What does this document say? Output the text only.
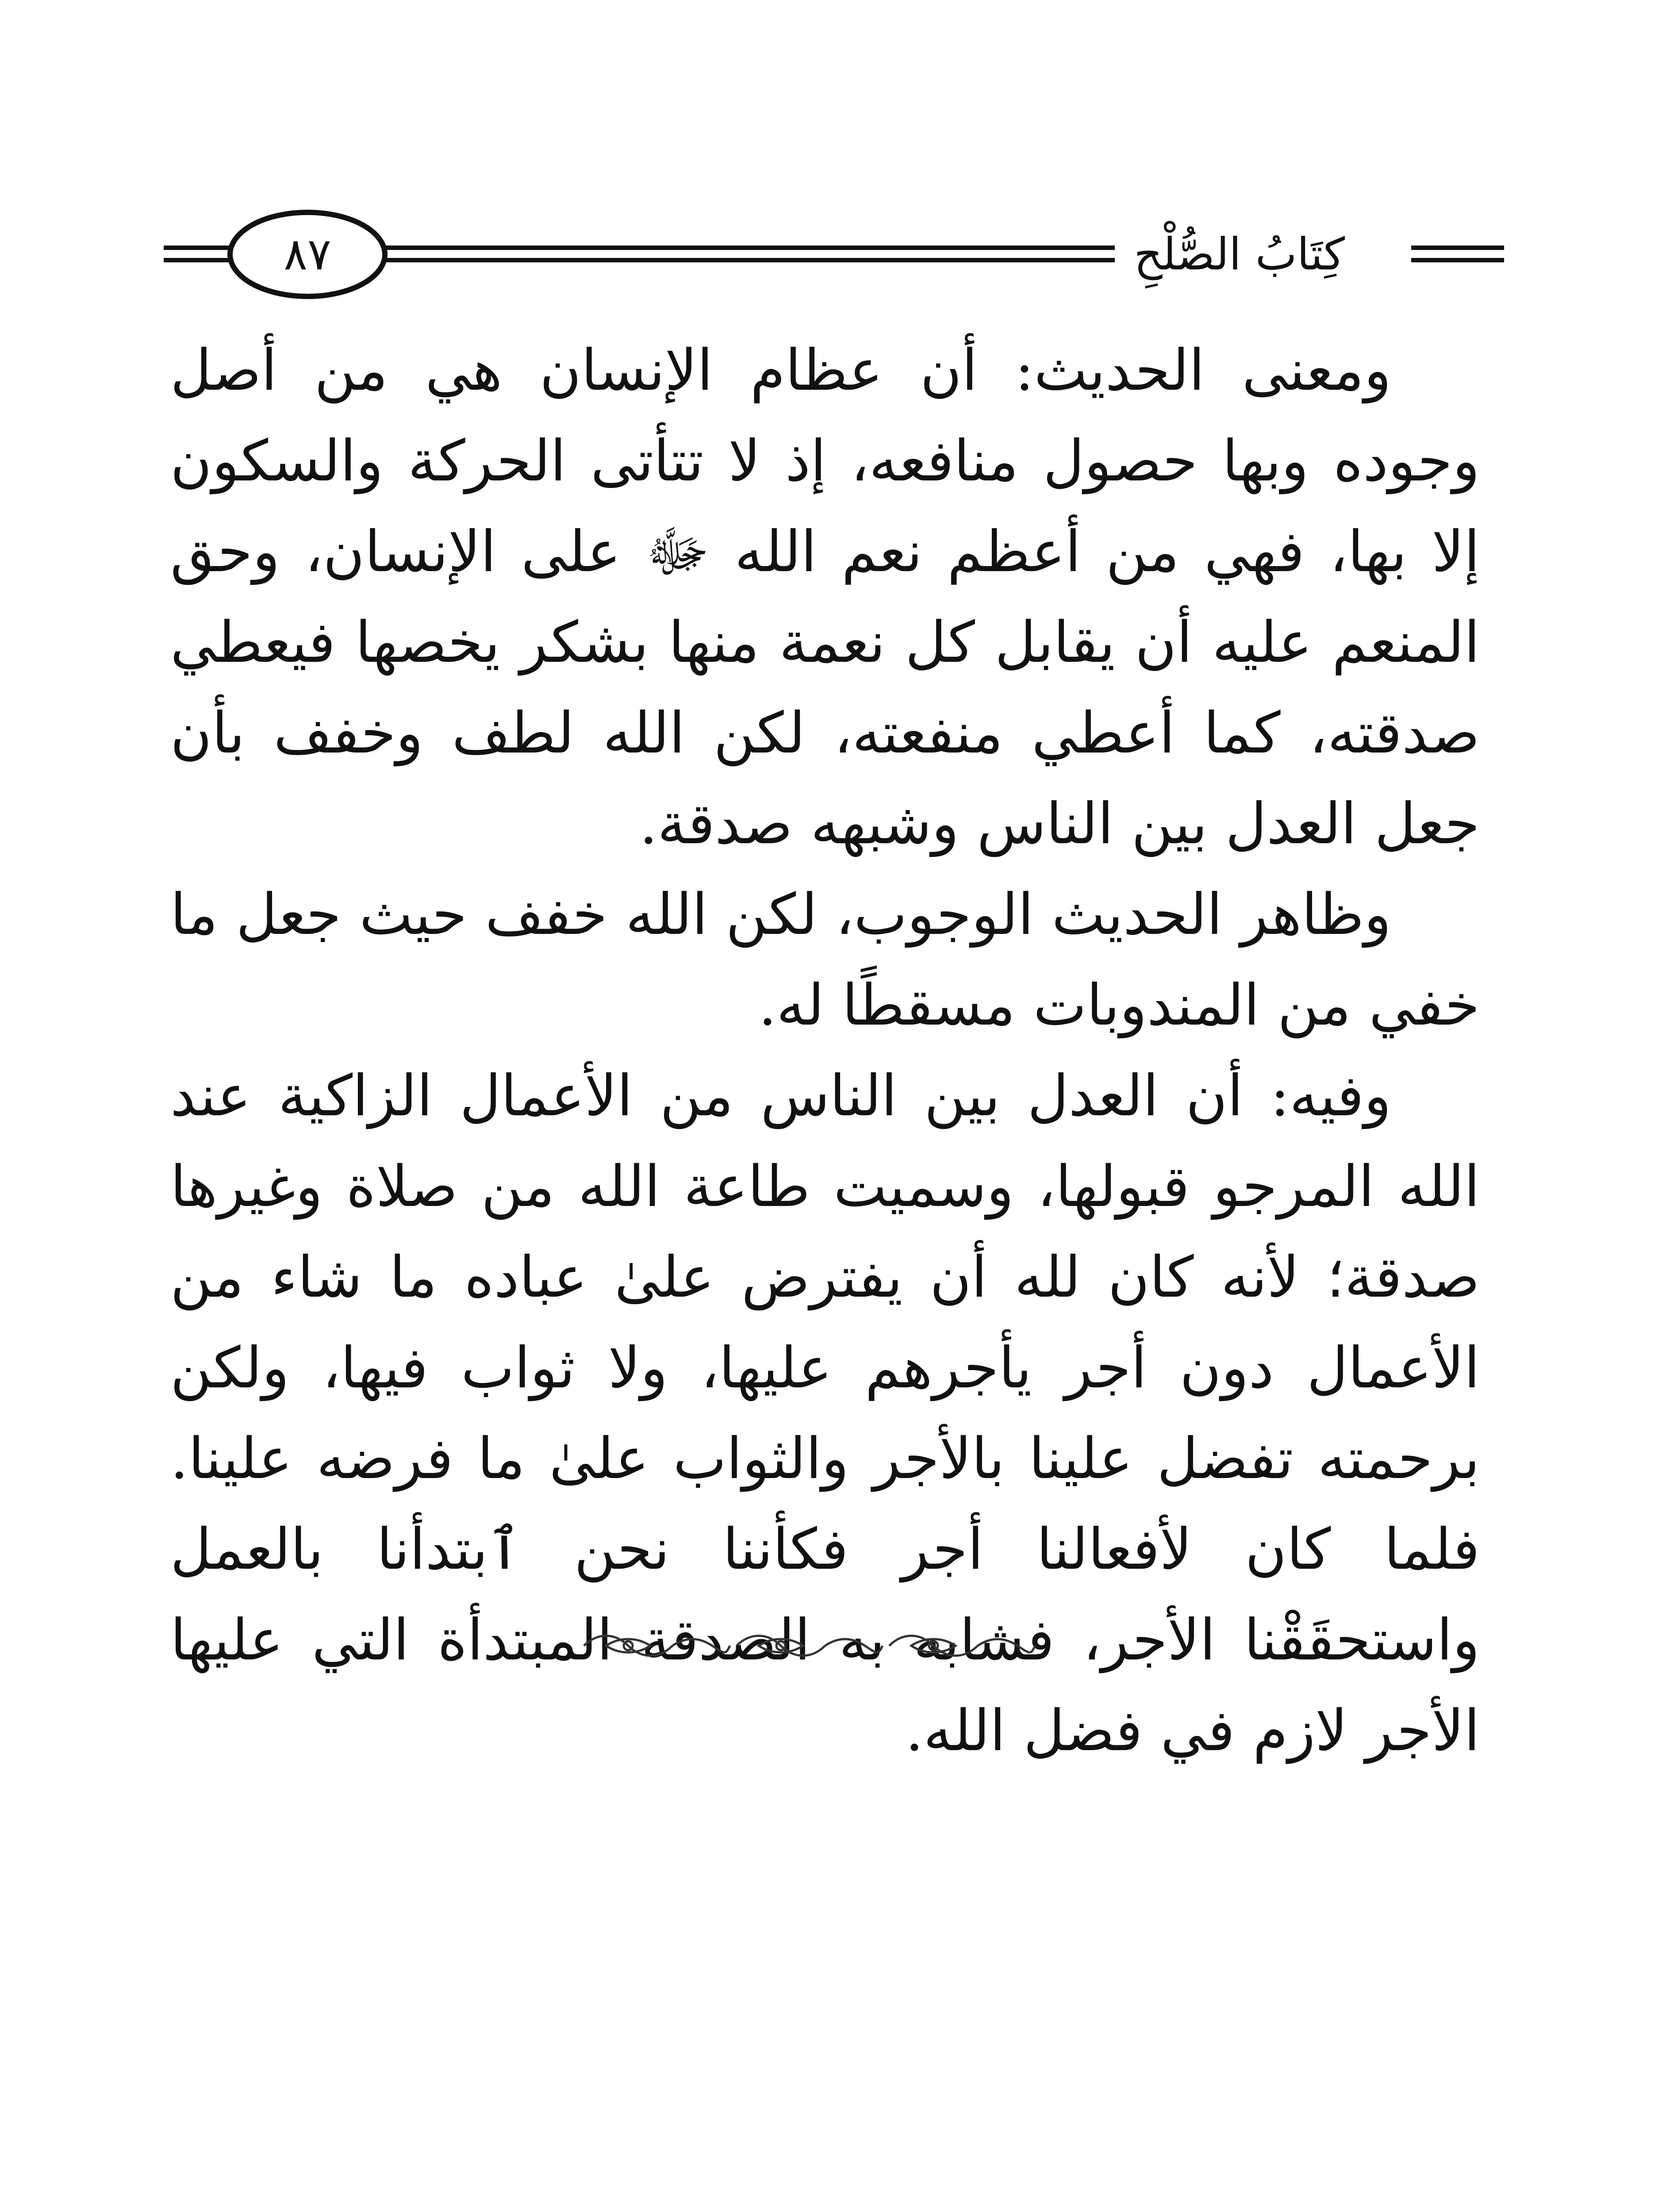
٨٧	كِتَابُ الصُّلْحِ

ومعنى الحديث: أن عظام الإنسان هي من أصل وجوده وبها حصول منافعه، إذ لا تتأتى الحركة والسكون إلا بها، فهي من أعظم نعم الله ﷻ على الإنسان، وحق المنعم عليه أن يقابل كل نعمة منها بشكر يخصها فيعطي صدقته، كما أعطي منفعته، لكن الله لطف وخفف بأن جعل العدل بين الناس وشبهه صدقة.

وظاهر الحديث الوجوب، لكن الله خفف حيث جعل ما خفي من المندوبات مسقطًا له.

وفيه: أن العدل بين الناس من الأعمال الزاكية عند الله المرجو قبولها، وسميت طاعة الله من صلاة وغيرها صدقة؛ لأنه كان لله أن يفترض علىٰ عباده ما شاء من الأعمال دون أجر يأجرهم عليها، ولا ثواب فيها، ولكن برحمته تفضل علينا بالأجر والثواب علىٰ ما فرضه علينا. فلما كان لأفعالنا أجر فكأننا نحن ٱبتدأنا بالعمل واستحقَقْنا الأجر، فشابه به الصدقة المبتدأة التي عليها الأجر لازم في فضل الله.
